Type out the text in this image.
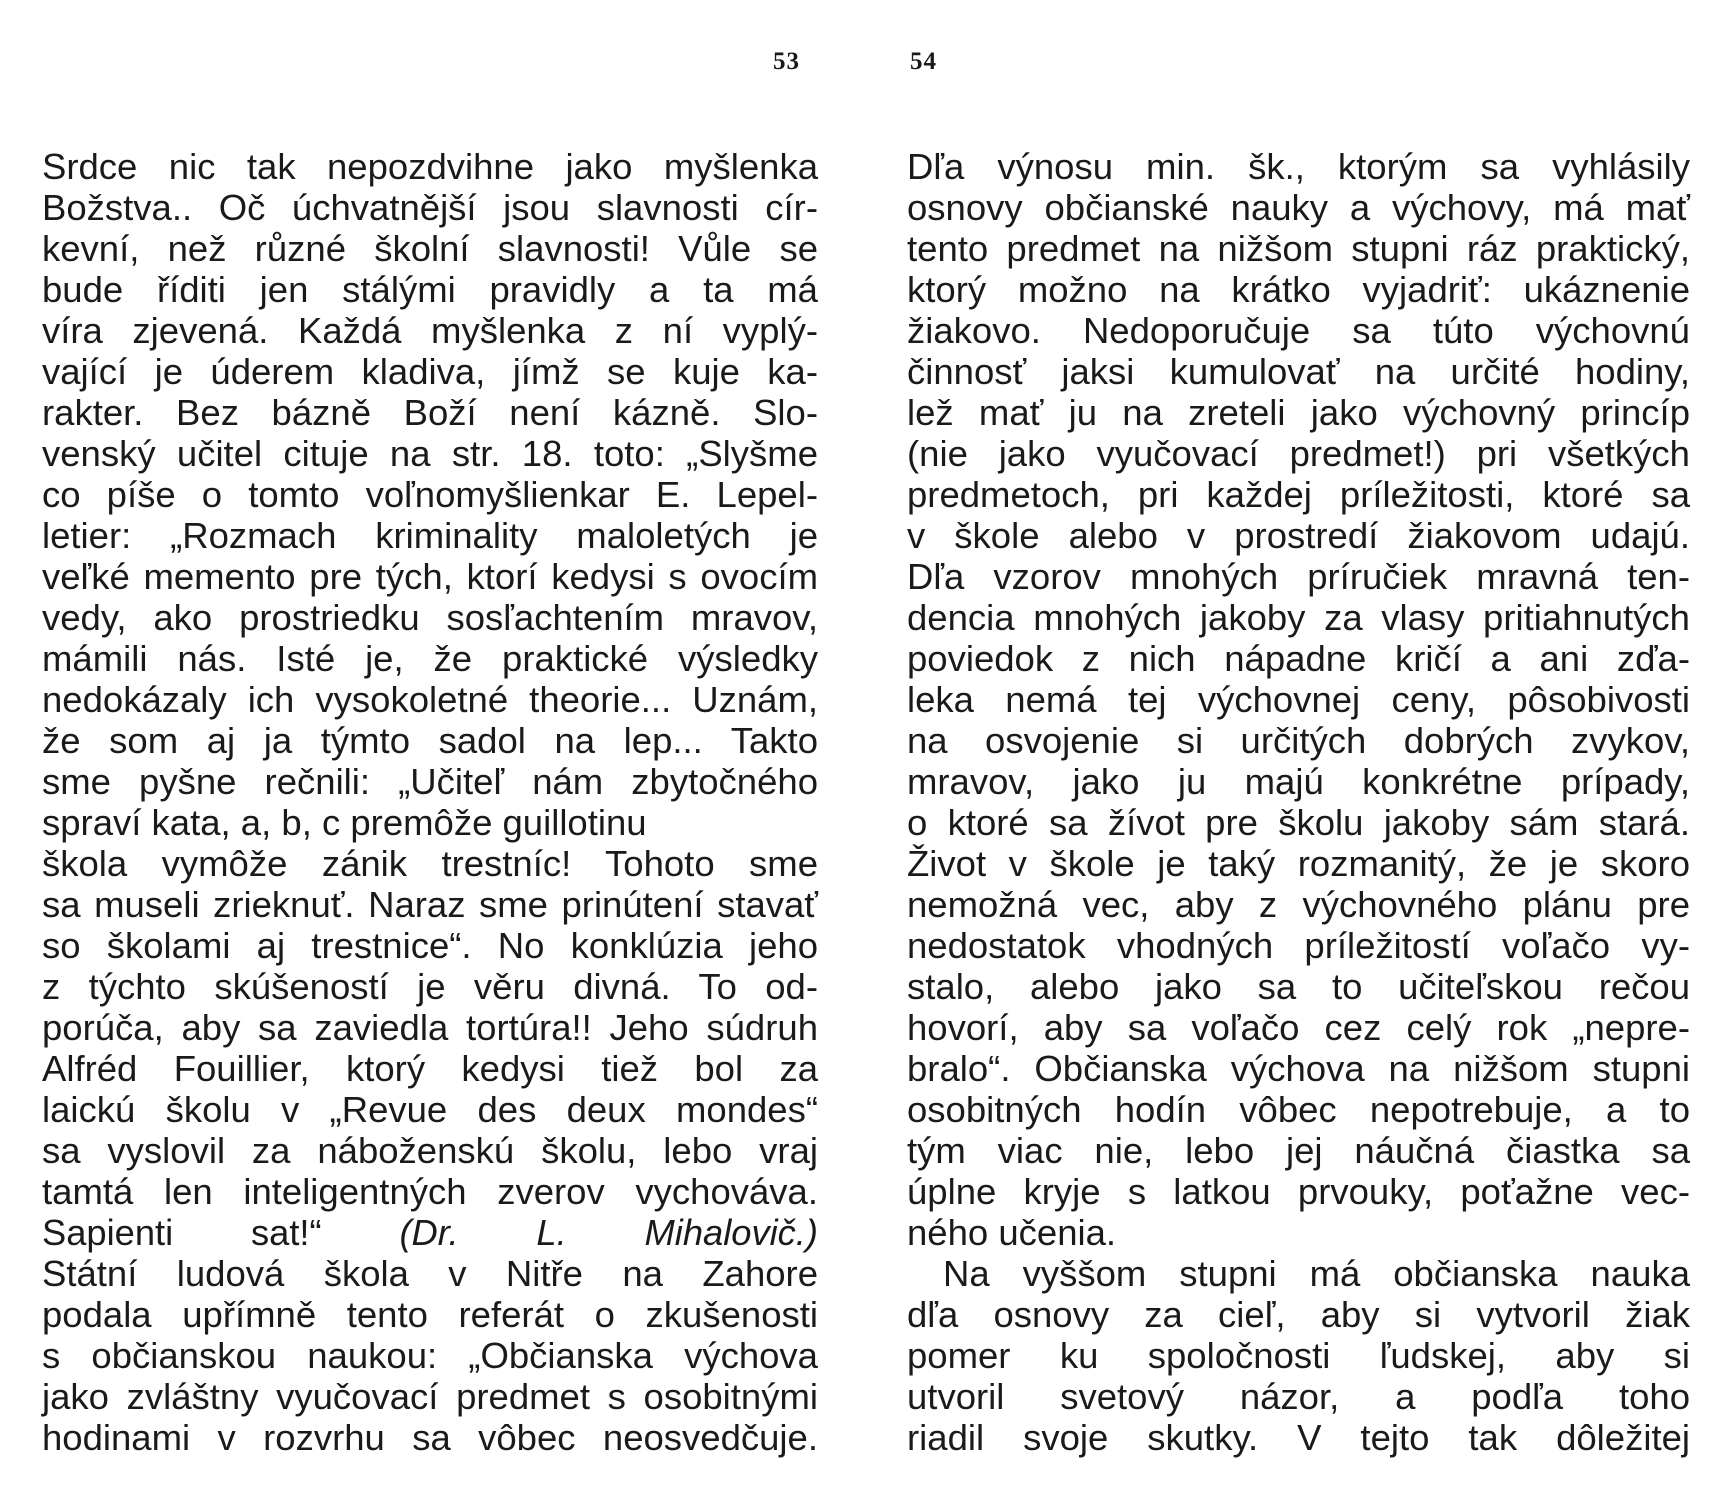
53	54
Srdce nic tak nepozdvihne jako myšlenka
Božstva.. Oč úchvatnější jsou slavnosti cír-
kevní, než různé školní slavnosti! Vůle se
bude říditi jen stálými pravidly a ta má
víra zjevená. Každá myšlenka z ní vyplý-
vající je úderem kladiva, jímž se kuje ka-
rakter. Bez bázně Boží není kázně. Slo-
venský učitel cituje na str. 18. toto: „Slyšme
co píše o tomto voľnomyšlienkar E. Lepel-
letier: „Rozmach kriminality maloletých je
veľké memento pre tých, ktorí kedysi s ovocím
vedy, ako prostriedku sosľachtením mravov,
mámili nás. Isté je, že praktické výsledky
nedokázaly ich vysokoletné theorie... Uznám,
že som aj ja týmto sadol na lep... Takto
sme pyšne rečnili: „Učiteľ nám zbytočného
spraví kata, a, b, c premôže guillotinu
škola vymôže zánik trestníc! Tohoto sme
sa museli zrieknuť. Naraz sme prinútení stavať
so školami aj trestnice“. No konklúzia jeho
z týchto skúšeností je věru divná. To od-
porúča, aby sa zaviedla tortúra!! Jeho súdruh
Alfréd Fouillier, ktorý kedysi tiež bol za
laickú školu v „Revue des deux mondes“
sa vyslovil za náboženskú školu, lebo vraj
tamtá len inteligentných zverov vychováva.
Sapienti sat!“ (Dr. L. Mihalovič.)
Státní ludová škola v Nitře na Zahore
podala upřímně tento referát o zkušenosti
s občianskou naukou: „Občianska výchova
jako zvláštny vyučovací predmet s osobitnými
hodinami v rozvrhu sa vôbec neosvedčuje.
Dľa výnosu min. šk., ktorým sa vyhlásily
osnovy občianské nauky a výchovy, má mať
tento predmet na nižšom stupni ráz praktický,
ktorý možno na krátko vyjadriť: ukáznenie
žiakovo. Nedoporučuje sa túto výchovnú
činnosť jaksi kumulovať na určité hodiny,
lež mať ju na zreteli jako výchovný princíp
(nie jako vyučovací predmet!) pri všetkých
predmetoch, pri každej príležitosti, ktoré sa
v škole alebo v prostredí žiakovom udajú.
Dľa vzorov mnohých príručiek mravná ten-
dencia mnohých jakoby za vlasy pritiahnutých
poviedok z nich nápadne kričí a ani zďa-
leka nemá tej výchovnej ceny, pôsobivosti
na osvojenie si určitých dobrých zvykov,
mravov, jako ju majú konkrétne prípady,
o ktoré sa žívot pre školu jakoby sám stará.
Život v škole je taký rozmanitý, že je skoro
nemožná vec, aby z výchovného plánu pre
nedostatok vhodných príležitostí voľačo vy-
stalo, alebo jako sa to učiteľskou rečou
hovorí, aby sa voľačo cez celý rok „nepre-
bralo“. Občianska výchova na nižšom stupni
osobitných hodín vôbec nepotrebuje, a to
tým viac nie, lebo jej náučná čiastka sa
úplne kryje s latkou prvouky, poťažne vec-
ného učenia.
Na vyššom stupni má občianska nauka
dľa osnovy za cieľ, aby si vytvoril žiak
pomer ku spoločnosti ľudskej, aby si
utvoril svetový názor, a podľa toho
riadil svoje skutky. V tejto tak dôležitej
